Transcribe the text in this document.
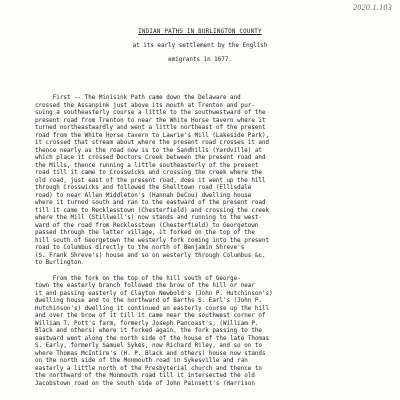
2020.1.103
INDIAN PATHS IN BURLINGTON COUNTY
at its early settlement by the English
emigrants in 1677.
First -- The Minisink Path came down the Delaware and
crossed the Assanpink just above its mouth at Trenton and pur-
suing a southeasterly course a little to the southwestward of the
present road from Trenton to near the White Horse tavern where it
turned northeastwardly and went a little northeast of the present
road from the White Horse tavern to Lawrie's Mill (Lakeside Park),
it crossed that stream about where the present road crosses it and
thence nearly as the road now is to the Sandhills (Yardville) at
which place it crossed Doctors Creek between the present road and
the Mills, thence running a little southeasterly of the present
road till it came to Crosswicks and crossing the creek where the
old road, just east of the present road, does it went up the hill
through Crosswicks and followed the Shelltown road (Ellisdale
road) to near Allen Middleton's (Hannah DeCou) dwelling house
where it turned south and ran to the eastward of the present road
till it came to Recklesstown (Chesterfield) and crossing the creek
where the Mill (Stillwell's) now stands and running to the west-
ward of the road from Recklesstown (Chesterfield) to Georgetown
passed through the latter village, it forked on the top of the
hill south of Georgetown the westerly fork coming into the present
road to Columbus directly to the north of Benjamin Shreve's
(S. Frank Shreve's) house and so on westerly through Columbus &c.
to Burlington.
From the fork on the top of the hill south of George-
town the easterly branch followed the brow of the hill or near
it and passing easterly of Clayton Newbold's (John P. Hutchinson's)
dwelling house and to the northward of Barths S. Earl's (John P.
Hutchinson's) dwelling it continued an easterly course up the hill
and over the brow of it till it came near the southwest corner of
William T. Pott's farm, formerly Joseph Pancoast's, (William P.
Black and others) where it forked again, the fork passing to the
eastward went along the north side of the house of the late Thomas
S. Early, formerly Samuel Sykes, now Richard Riley, and so on to
where Thomas McIntire's (H. P. Black and others) house now stands
on the north side of the Monmouth road in Sykesville and ran
easterly a little north of the Presbyterial church and thence to
the northward of the Monmouth road till it intersected the old
Jacobstown road on the south side of John Painsett's (Harrison
